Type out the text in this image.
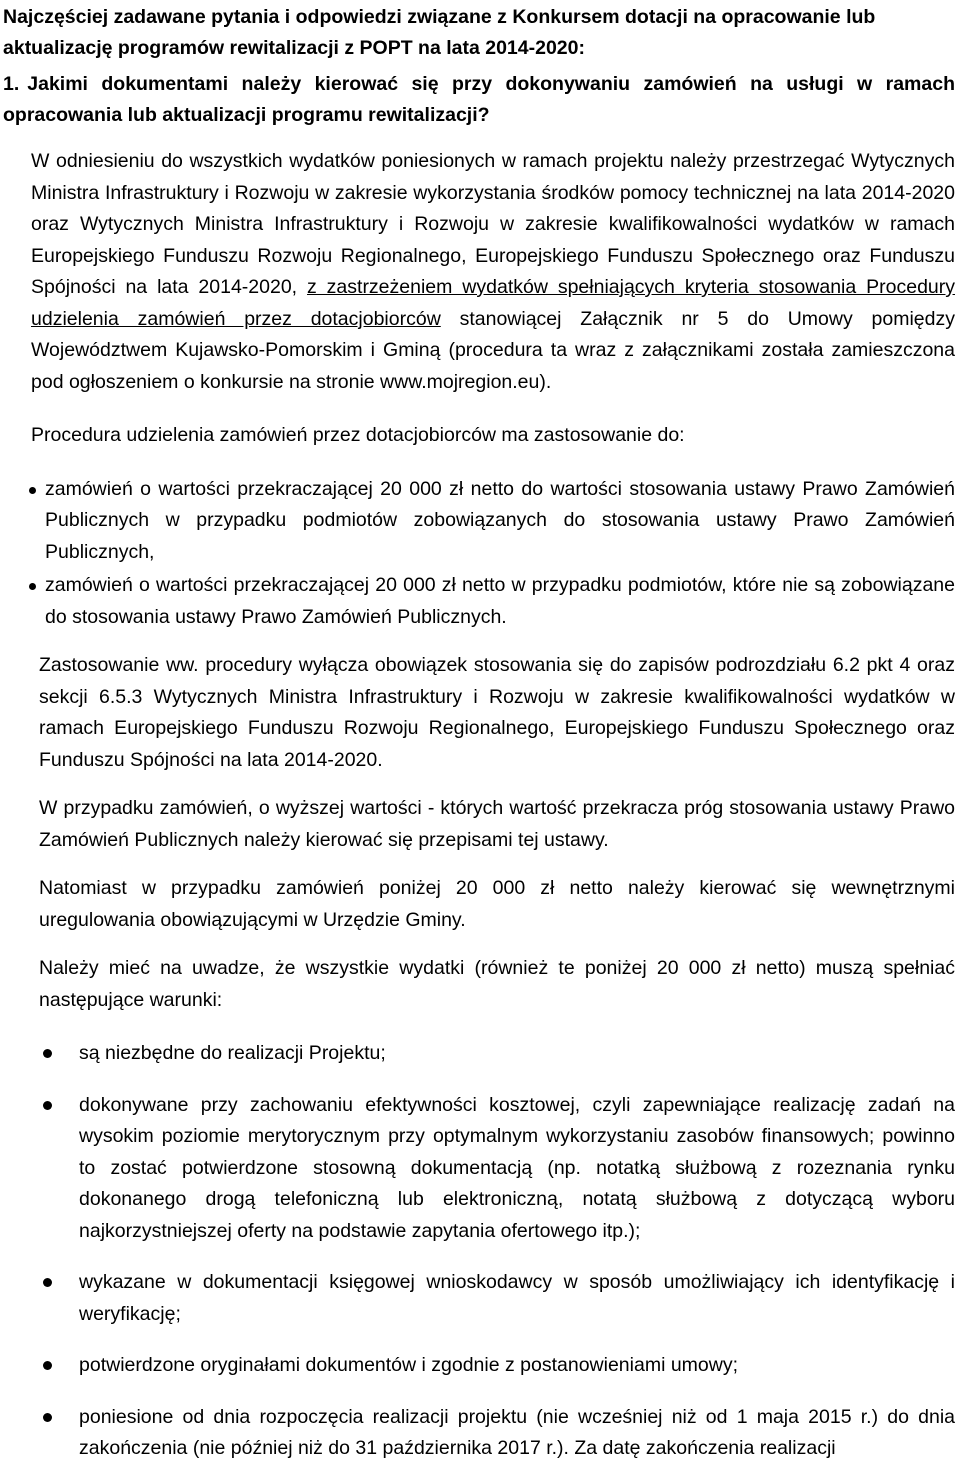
Najczęściej zadawane pytania i odpowiedzi związane z Konkursem dotacji na opracowanie lub aktualizację programów rewitalizacji z POPT na lata 2014-2020:

1. Jakimi dokumentami należy kierować się przy dokonywaniu zamówień na usługi w ramach opracowania lub aktualizacji programu rewitalizacji?

W odniesieniu do wszystkich wydatków poniesionych w ramach projektu należy przestrzegać Wytycznych Ministra Infrastruktury i Rozwoju w zakresie wykorzystania środków pomocy technicznej na lata 2014-2020 oraz Wytycznych Ministra Infrastruktury i Rozwoju w zakresie kwalifikowalności wydatków w ramach Europejskiego Funduszu Rozwoju Regionalnego, Europejskiego Funduszu Społecznego oraz Funduszu Spójności na lata 2014-2020, z zastrzeżeniem wydatków spełniających kryteria stosowania Procedury udzielenia zamówień przez dotacjobiorców stanowiącej Załącznik nr 5 do Umowy pomiędzy Województwem Kujawsko-Pomorskim i Gminą (procedura ta wraz z załącznikami została zamieszczona pod ogłoszeniem o konkursie na stronie www.mojregion.eu).

Procedura udzielenia zamówień przez dotacjobiorców ma zastosowanie do:

zamówień o wartości przekraczającej 20 000 zł netto do wartości stosowania ustawy Prawo Zamówień Publicznych w przypadku podmiotów zobowiązanych do stosowania ustawy Prawo Zamówień Publicznych,
zamówień o wartości przekraczającej 20 000 zł netto w przypadku podmiotów, które nie są zobowiązane do stosowania ustawy Prawo Zamówień Publicznych.

Zastosowanie ww. procedury wyłącza obowiązek stosowania się do zapisów podrozdziału 6.2 pkt 4 oraz sekcji 6.5.3 Wytycznych Ministra Infrastruktury i Rozwoju w zakresie kwalifikowalności wydatków w ramach Europejskiego Funduszu Rozwoju Regionalnego, Europejskiego Funduszu Społecznego oraz Funduszu Spójności na lata 2014-2020.

W przypadku zamówień, o wyższej wartości - których wartość przekracza próg stosowania ustawy Prawo Zamówień Publicznych należy kierować się przepisami tej ustawy.

Natomiast w przypadku zamówień poniżej 20 000 zł netto należy kierować się wewnętrznymi uregulowania obowiązującymi w Urzędzie Gminy.

Należy mieć na uwadze, że wszystkie wydatki (również te poniżej 20 000 zł netto) muszą spełniać następujące warunki:

są niezbędne do realizacji Projektu;
dokonywane przy zachowaniu efektywności kosztowej, czyli zapewniające realizację zadań na wysokim poziomie merytorycznym przy optymalnym wykorzystaniu zasobów finansowych; powinno to zostać potwierdzone stosowną dokumentacją (np. notatką służbową z rozeznania rynku dokonanego drogą telefoniczną lub elektroniczną, notatą służbową z dotyczącą wyboru najkorzystniejszej oferty na podstawie zapytania ofertowego itp.);
wykazane w dokumentacji księgowej wnioskodawcy w sposób umożliwiający ich identyfikację i weryfikację;
potwierdzone oryginałami dokumentów i zgodnie z postanowieniami umowy;
poniesione od dnia rozpoczęcia realizacji projektu (nie wcześniej niż od 1 maja 2015 r.) do dnia zakończenia (nie później niż do 31 października 2017 r.). Za datę zakończenia realizacji
